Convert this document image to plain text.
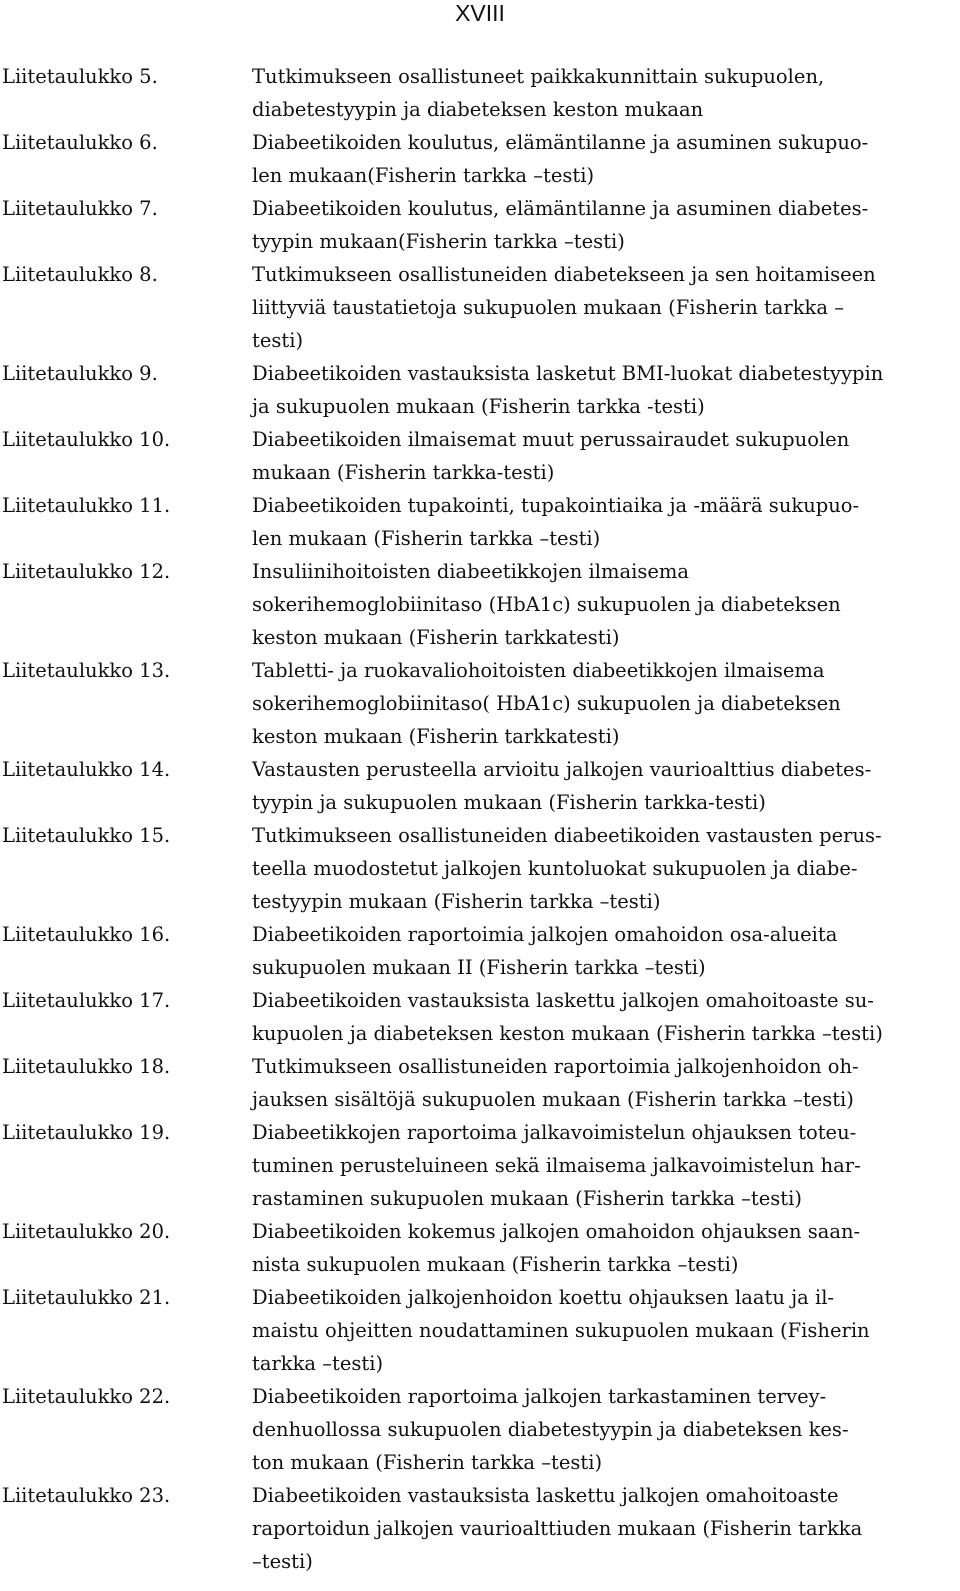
XVIII
Liitetaulukko 5.	Tutkimukseen osallistuneet paikkakunnittain sukupuolen,
diabetestyypin ja diabeteksen keston mukaan
Liitetaulukko 6.	Diabeetikoiden koulutus, elämäntilanne ja asuminen sukupuo-
len mukaan(Fisherin tarkka –testi)
Liitetaulukko 7.	Diabeetikoiden koulutus, elämäntilanne ja asuminen diabetes-
tyypin mukaan(Fisherin tarkka –testi)
Liitetaulukko 8.	Tutkimukseen osallistuneiden diabetekseen ja sen hoitamiseen
liittyviä taustatietoja sukupuolen mukaan (Fisherin tarkka –
testi)
Liitetaulukko 9.	Diabeetikoiden vastauksista lasketut BMI-luokat diabetestyypin
ja sukupuolen mukaan (Fisherin tarkka -testi)
Liitetaulukko 10.	Diabeetikoiden ilmaisemat muut perussairaudet sukupuolen
mukaan (Fisherin tarkka-testi)
Liitetaulukko 11.	Diabeetikoiden tupakointi, tupakointiaika ja -määrä sukupuo-
len mukaan (Fisherin tarkka –testi)
Liitetaulukko 12.	Insuliinihoitoisten diabeetikkojen ilmaisema
sokerihemoglobiinitaso (HbA1c) sukupuolen ja diabeteksen
keston mukaan (Fisherin tarkkatesti)
Liitetaulukko 13.	Tabletti- ja ruokavaliohoitoisten diabeetikkojen ilmaisema
sokerihemoglobiinitaso( HbA1c) sukupuolen ja diabeteksen
keston mukaan (Fisherin tarkkatesti)
Liitetaulukko 14.	Vastausten perusteella arvioitu jalkojen vaurioalttius diabetes-
tyypin ja sukupuolen mukaan (Fisherin tarkka-testi)
Liitetaulukko 15.	Tutkimukseen osallistuneiden diabeetikoiden vastausten perus-
teella muodostetut jalkojen kuntoluokat sukupuolen ja diabe-
testyypin mukaan (Fisherin tarkka –testi)
Liitetaulukko 16.	Diabeetikoiden raportoimia jalkojen omahoidon osa-alueita
sukupuolen mukaan II (Fisherin tarkka –testi)
Liitetaulukko 17.	Diabeetikoiden vastauksista laskettu jalkojen omahoitoaste su-
kupuolen ja diabeteksen keston mukaan (Fisherin tarkka –testi)
Liitetaulukko 18.	Tutkimukseen osallistuneiden raportoimia jalkojenhoidon oh-
jauksen sisältöjä sukupuolen mukaan (Fisherin tarkka –testi)
Liitetaulukko 19.	Diabeetikkojen raportoima jalkavoimistelun ohjauksen toteu-
tuminen perusteluineen sekä ilmaisema jalkavoimistelun har-
rastaminen sukupuolen mukaan (Fisherin tarkka –testi)
Liitetaulukko 20.	Diabeetikoiden kokemus jalkojen omahoidon ohjauksen saan-
nista sukupuolen mukaan (Fisherin tarkka –testi)
Liitetaulukko 21.	Diabeetikoiden jalkojenhoidon koettu ohjauksen laatu ja il-
maistu ohjeitten noudattaminen sukupuolen mukaan (Fisherin
tarkka –testi)
Liitetaulukko 22.	Diabeetikoiden raportoima jalkojen tarkastaminen tervey-
denhuollossa sukupuolen diabetestyypin ja diabeteksen kes-
ton mukaan (Fisherin tarkka –testi)
Liitetaulukko 23.	Diabeetikoiden vastauksista laskettu jalkojen omahoitoaste
raportoidun jalkojen vaurioalttiuden mukaan (Fisherin tarkka
–testi)
